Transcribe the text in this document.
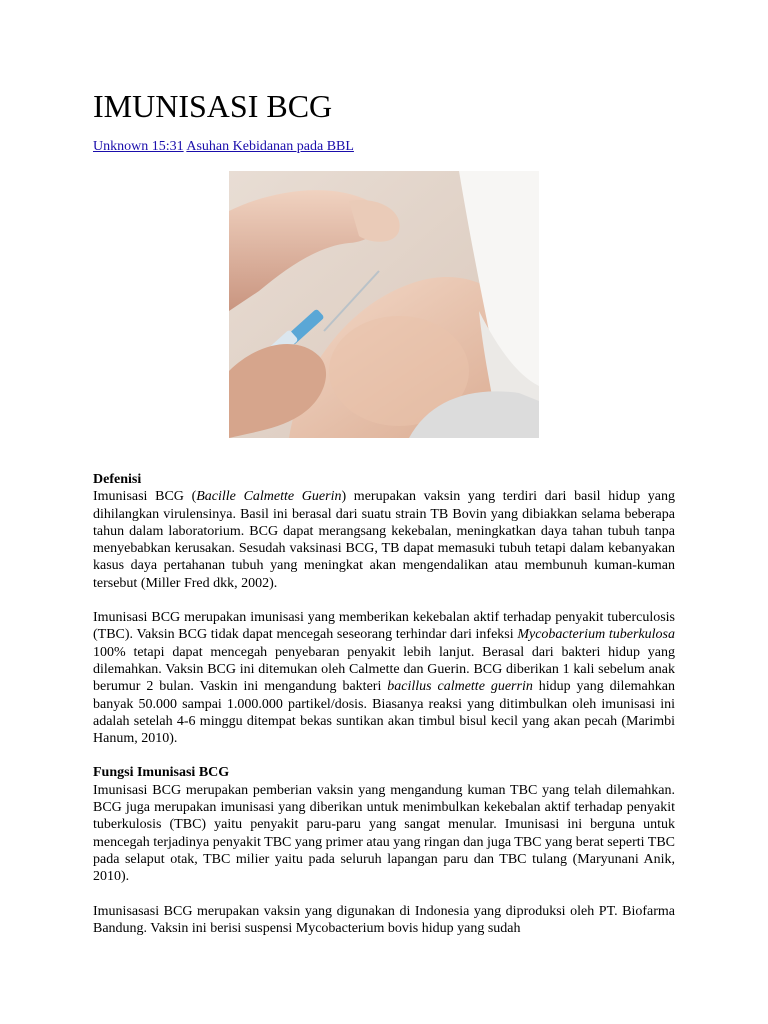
IMUNISASI BCG
Unknown 15:31 Asuhan Kebidanan pada BBL

Defenisi
Imunisasi BCG (Bacille Calmette Guerin) merupakan vaksin yang terdiri dari basil hidup yang dihilangkan virulensinya. Basil ini berasal dari suatu strain TB Bovin yang dibiakkan selama beberapa tahun dalam laboratorium. BCG dapat merangsang kekebalan, meningkatkan daya tahan tubuh tanpa menyebabkan kerusakan. Sesudah vaksinasi BCG, TB dapat memasuki tubuh tetapi dalam kebanyakan kasus daya pertahanan tubuh yang meningkat akan mengendalikan atau membunuh kuman-kuman tersebut (Miller Fred dkk, 2002).

Imunisasi BCG merupakan imunisasi yang memberikan kekebalan aktif terhadap penyakit tuberculosis (TBC). Vaksin BCG tidak dapat mencegah seseorang terhindar dari infeksi Mycobacterium tuberkulosa 100% tetapi dapat mencegah penyebaran penyakit lebih lanjut. Berasal dari bakteri hidup yang dilemahkan. Vaksin BCG ini ditemukan oleh Calmette dan Guerin. BCG diberikan 1 kali sebelum anak berumur 2 bulan. Vaskin ini mengandung bakteri bacillus calmette guerrin hidup yang dilemahkan banyak 50.000 sampai 1.000.000 partikel/dosis. Biasanya reaksi yang ditimbulkan oleh imunisasi ini adalah setelah 4-6 minggu ditempat bekas suntikan akan timbul bisul kecil yang akan pecah (Marimbi Hanum, 2010).

Fungsi Imunisasi BCG
Imunisasi BCG merupakan pemberian vaksin yang mengandung kuman TBC yang telah dilemahkan. BCG juga merupakan imunisasi yang diberikan untuk menimbulkan kekebalan aktif terhadap penyakit tuberkulosis (TBC) yaitu penyakit paru-paru yang sangat menular. Imunisasi ini berguna untuk mencegah terjadinya penyakit TBC yang primer atau yang ringan dan juga TBC yang berat seperti TBC pada selaput otak, TBC milier yaitu pada seluruh lapangan paru dan TBC tulang (Maryunani Anik, 2010).

Imunisasasi BCG merupakan vaksin yang digunakan di Indonesia yang diproduksi oleh PT. Biofarma Bandung. Vaksin ini berisi suspensi Mycobacterium bovis hidup yang sudah
